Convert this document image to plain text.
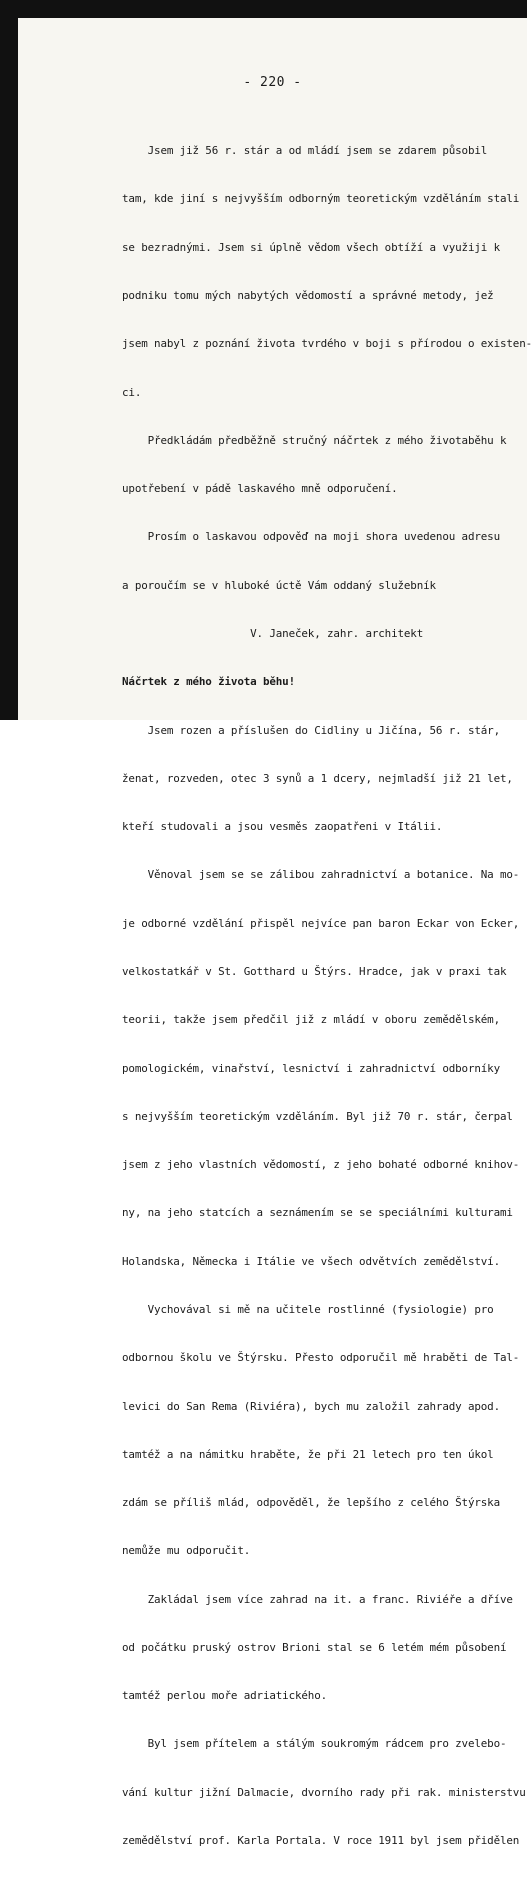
- 220 -

Jsem již 56 r. stár a od mládí jsem se zdarem působil

tam, kde jiní s nejvyšším odborným teoretickým vzděláním stali

se bezradnými. Jsem si úplně vědom všech obtíží a využiji k

podniku tomu mých nabytých vědomostí a správné metody, jež

jsem nabyl z poznání života tvrdého v boji s přírodou o existen-

ci.

Předkládám předběžně stručný náčrtek z mého životaběhu k

upotřebení v pádě laskavého mně odporučení.

Prosím o laskavou odpověď na moji shora uvedenou adresu

a poroučím se v hluboké úctě Vám oddaný služebník

V. Janeček, zahr. architekt

Náčrtek z mého života běhu!

Jsem rozen a příslušen do Cidliny u Jičína, 56 r. stár,

ženat, rozveden, otec 3 synů a 1 dcery, nejmladší již 21 let,

kteří studovali a jsou vesměs zaopatřeni v Itálii.

Věnoval jsem se se zálibou zahradnictví a botanice. Na mo-

je odborné vzdělání přispěl nejvíce pan baron Eckar von Ecker,

velkostatkář v St. Gotthard u Štýrs. Hradce, jak v praxi tak

teorii, takže jsem předčil již z mládí v oboru zemědělském,

pomologickém, vinařství, lesnictví i zahradnictví odborníky

s nejvyšším teoretickým vzděláním. Byl již 70 r. stár, čerpal

jsem z jeho vlastních vědomostí, z jeho bohaté odborné knihov-

ny, na jeho statcích a seznámením se se speciálními kulturami

Holandska, Německa i Itálie ve všech odvětvích zemědělství.

Vychovával si mě na učitele rostlinné (fysiologie) pro

odbornou školu ve Štýrsku. Přesto odporučil mě hraběti de Tal-

levici do San Rema (Riviéra), bych mu založil zahrady apod.

tamtéž a na námitku hraběte, že při 21 letech pro ten úkol

zdám se příliš mlád, odpověděl, že lepšího z celého Štýrska

nemůže mu odporučit.

Zakládal jsem více zahrad na it. a franc. Riviéře a dříve

od počátku pruský ostrov Brioni stal se 6 letém mém působení

tamtéž perlou moře adriatického.

Byl jsem přítelem a stálým soukromým rádcem pro zvelebo-

vání kultur jižní Dalmacie, dvorního rady při rak. ministerstvu

zemědělství prof. Karla Portala. V roce 1911 byl jsem přidělen
